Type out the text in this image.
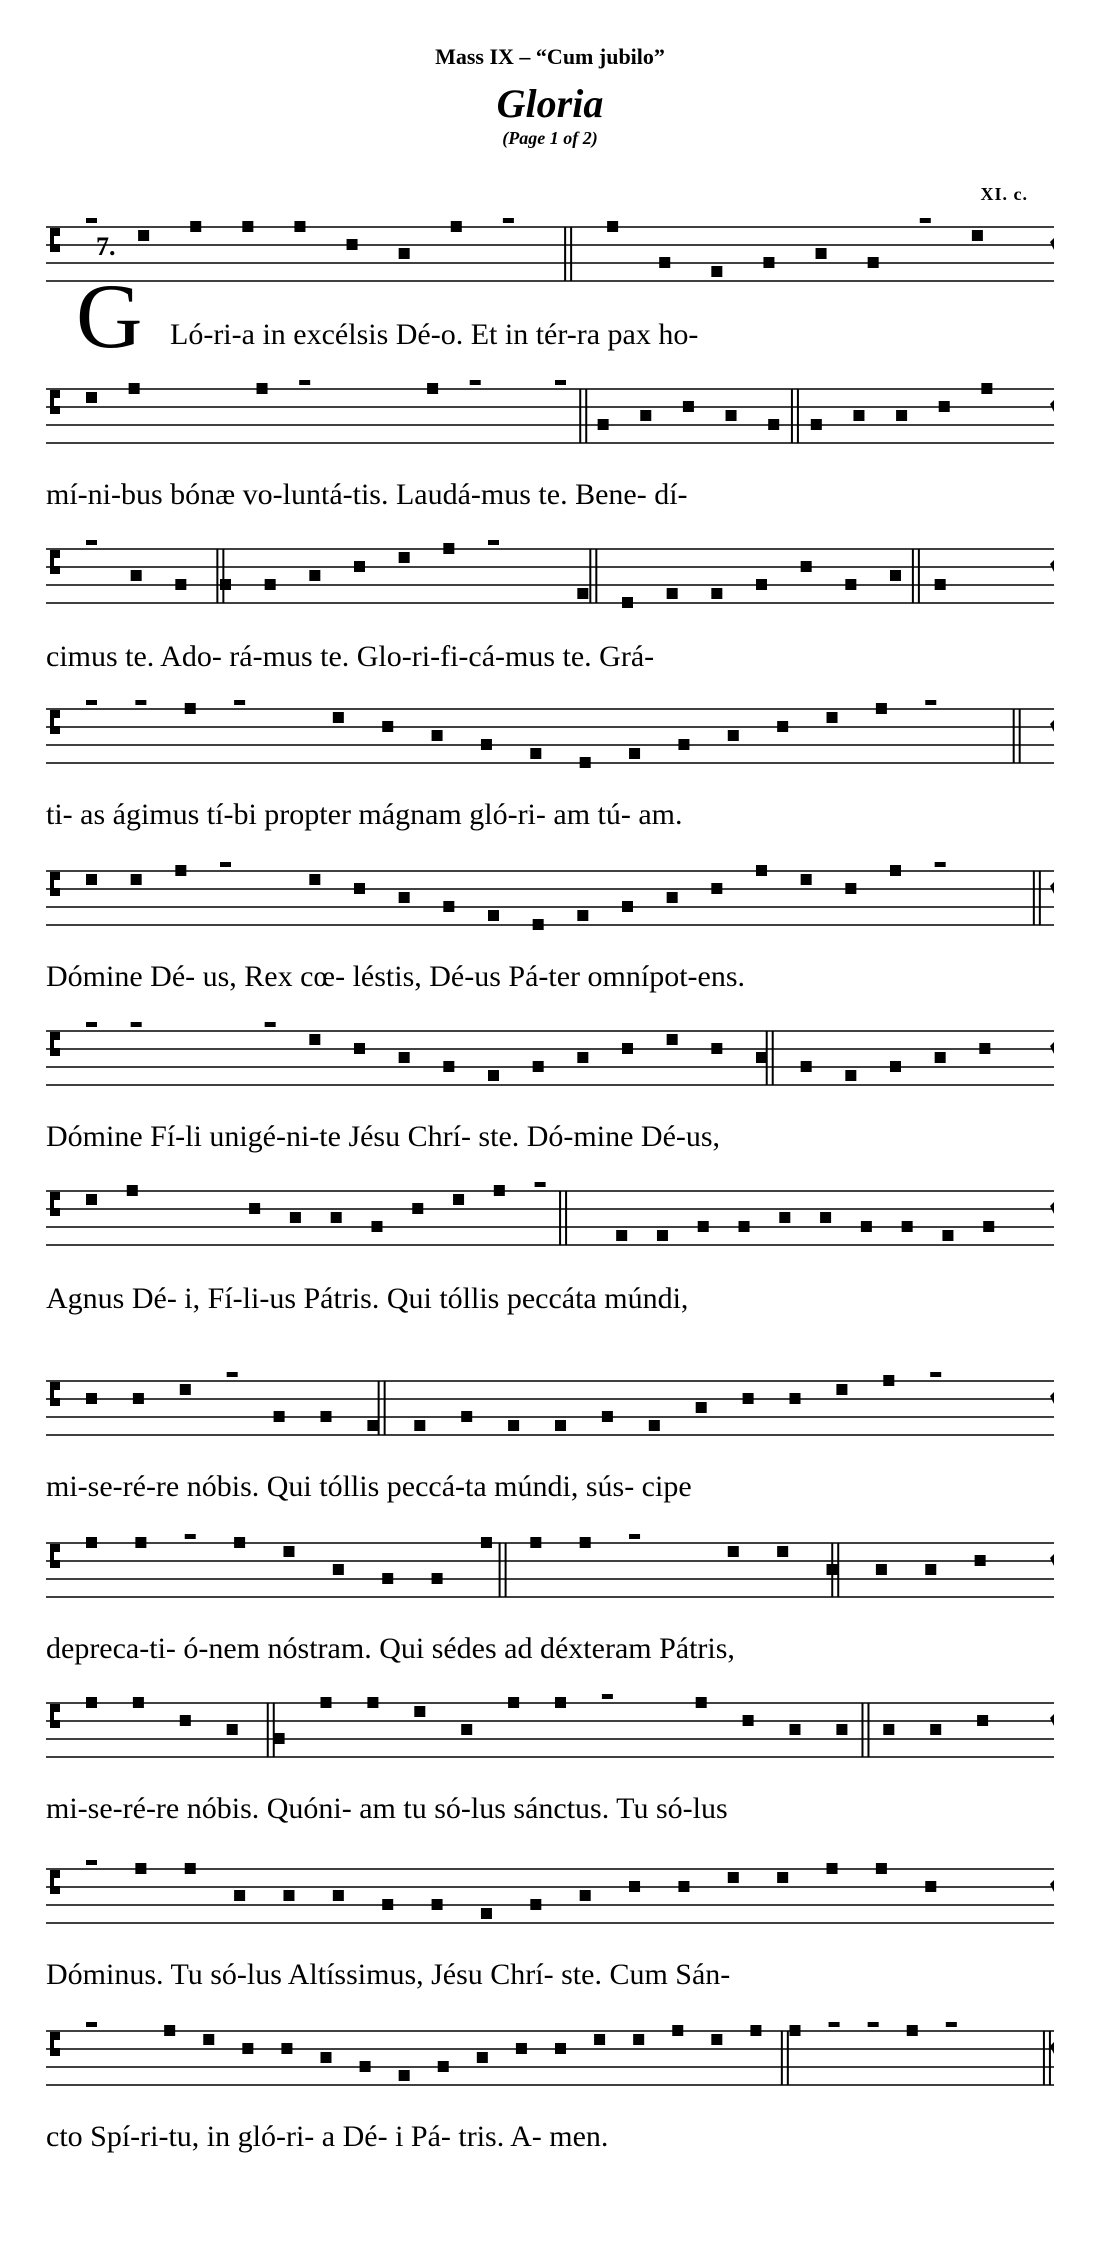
Mass IX – “Cum jubilo”
Gloria
(Page 1 of 2)
XI. c.
7.
G Ló-ri-a in excélsis Dé-o. Et in tér-ra pax ho-
mí-ni-bus bónæ vo-luntá-tis. Laudá-mus te. Bene- dí-
cimus te. Ado- rá-mus te. Glo-ri-fi-cá-mus te. Grá-
ti- as ágimus tí-bi propter mágnam gló-ri- am tú- am.
Dómine Dé- us, Rex cœ- léstis, Dé-us Pá-ter omnípot-ens.
Dómine Fí-li unigé-ni-te Jésu Chrí- ste. Dó-mine Dé-us,
Agnus Dé- i, Fí-li-us Pátris. Qui tóllis peccáta múndi,
mi-se-ré-re nóbis. Qui tóllis peccá-ta múndi, sús- cipe
depreca-ti- ó-nem nóstram. Qui sédes ad déxteram Pátris,
mi-se-ré-re nóbis. Quóni- am tu só-lus sánctus. Tu só-lus
Dóminus. Tu só-lus Altíssimus, Jésu Chrí- ste. Cum Sán-
cto Spí-ri-tu, in gló-ri- a Dé- i Pá- tris. A- men.
